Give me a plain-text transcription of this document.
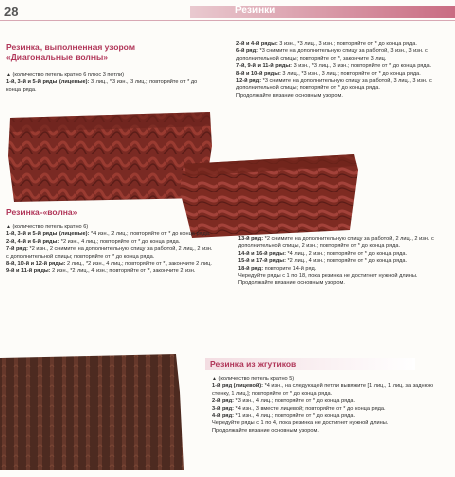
28	Резинки
Резинка, выполненная узором
«Диагональные волны»
▲ (количество петель кратно 6 плюс 3 петли)
1-й, 3-й и 5-й ряды (лицевые): 3 лиц., *3 изн., 3 лиц.; повторяйте от * до конца ряда.
2-й и 4-й ряды: 3 изн., *3 лиц., 3 изн.; повторяйте от * до конца ряда.
6-й ряд: *3 снимите на дополнительную спицу за работой, 3 изн., 3 изн. с дополнительной спицы; повторяйте от *, закончите 3 лиц.
7-й, 9-й и 11-й ряды: 3 изн., *3 лиц., 3 изн.; повторяйте от * до конца ряда.
8-й и 10-й ряды: 3 лиц., *3 изн., 3 лиц.; повторяйте от * до конца ряда.
12-й ряд: *3 снимите на дополнительную спицу за работой, 3 лиц., 3 изн. с дополнительной спицы; повторяйте от * до конца ряда.
Продолжайте вязание основным узором.
Резинка-«волна»
▲ (количество петель кратно 6)
1-й, 3-й и 5-й ряды (лицевые): *4 изн., 2 лиц.; повторяйте от * до конца ряда.
2-й, 4-й и 6-й ряды: *2 изн., 4 лиц.; повторяйте от * до конца ряда.
7-й ряд: *2 изн., 2 снимите на дополнительную спицу за работой, 2 лиц., 2 изн. с дополнительной спицы; повторяйте от * до конца ряда.
8-й, 10-й и 12-й ряды: 2 лиц., *2 изн., 4 лиц.; повторяйте от *, закончите 2 лиц.
9-й и 11-й ряды: 2 изн., *2 лиц., 4 изн.; повторяйте от *, закончите 2 изн.
13-й ряд: *2 снимите на дополнительную спицу за работой, 2 лиц., 2 изн. с дополнительной спицы, 2 изн.; повторяйте от * до конца ряда.
14-й и 16-й ряды: *4 лиц., 2 изн.; повторяйте от * до конца ряда.
15-й и 17-й ряды: *2 лиц., 4 изн.; повторяйте от * до конца ряда.
18-й ряд: повторите 14-й ряд.
Чередуйте ряды с 1 по 18, пока резинка не достигнет нужной длины.
Продолжайте вязание основным узором.
Резинка из жгутиков
▲ (количество петель кратно 5)
1-й ряд (лицевой): *4 изн., на следующей петли вывяжите [1 лиц., 1 лиц. за заднюю стенку, 1 лиц.]; повторяйте от * до конца ряда.
2-й ряд: *3 изн., 4 лиц.; повторяйте от * до конца ряда.
3-й ряд: *4 изн., 3 вместе лицевой; повторяйте от * до конца ряда.
4-й ряд: *1 изн., 4 лиц.; повторяйте от * до конца ряда.
Чередуйте ряды с 1 по 4, пока резинка не достигнет нужной длины.
Продолжайте вязание основным узором.
